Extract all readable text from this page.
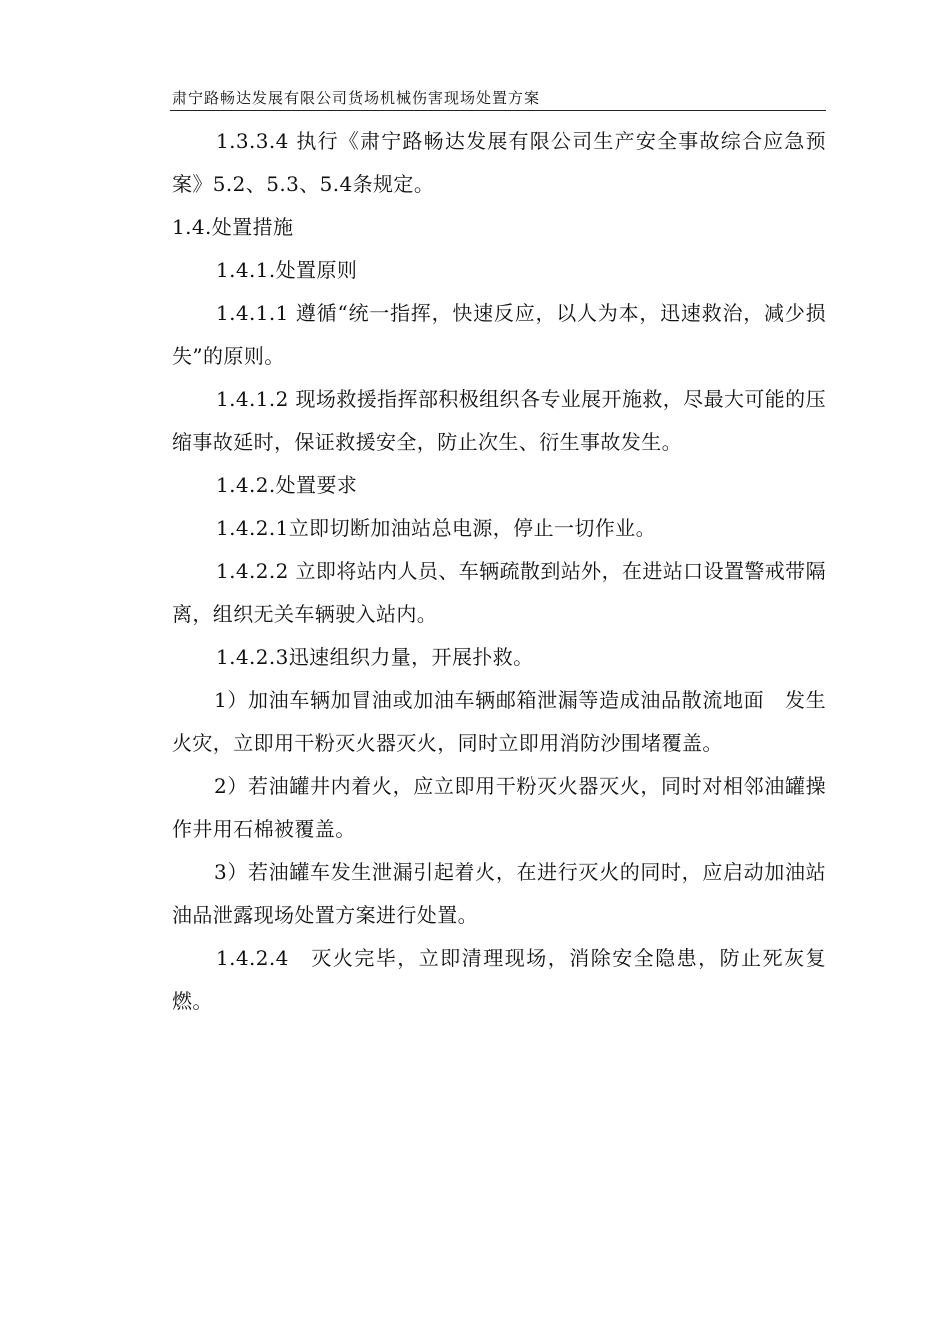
肃宁路畅达发展有限公司货场机械伤害现场处置方案

1.3.3.4 执行《肃宁路畅达发展有限公司生产安全事故综合应急预案》5.2、5.3、5.4条规定。

1.4.处置措施

1.4.1.处置原则

1.4.1.1 遵循“统一指挥，快速反应，以人为本，迅速救治，减少损失”的原则。

1.4.1.2 现场救援指挥部积极组织各专业展开施救，尽最大可能的压缩事故延时，保证救援安全，防止次生、衍生事故发生。

1.4.2.处置要求

1.4.2.1立即切断加油站总电源，停止一切作业。

1.4.2.2 立即将站内人员、车辆疏散到站外，在进站口设置警戒带隔离，组织无关车辆驶入站内。

1.4.2.3迅速组织力量，开展扑救。

1）加油车辆加冒油或加油车辆邮箱泄漏等造成油品散流地面　发生火灾，立即用干粉灭火器灭火，同时立即用消防沙围堵覆盖。

2）若油罐井内着火，应立即用干粉灭火器灭火，同时对相邻油罐操作井用石棉被覆盖。

3）若油罐车发生泄漏引起着火，在进行灭火的同时，应启动加油站油品泄露现场处置方案进行处置。

1.4.2.4　灭火完毕，立即清理现场，消除安全隐患，防止死灰复燃。
